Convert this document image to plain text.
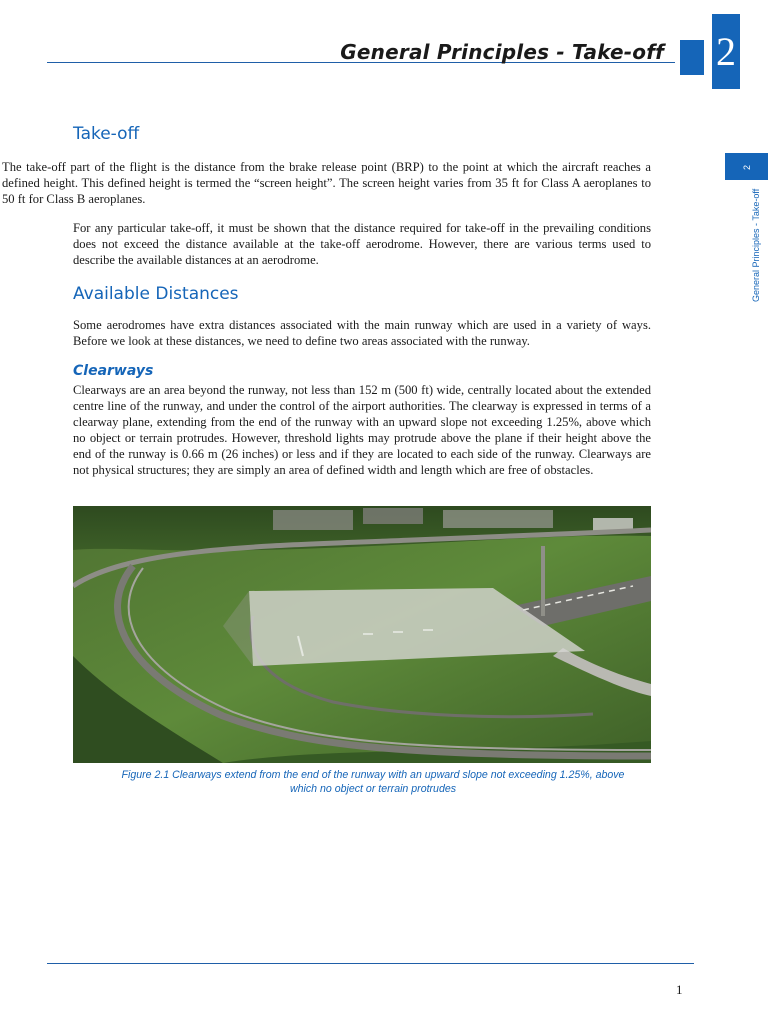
General Principles - Take-off 2
2
General Principles - Take-off
Take-off

The take-off part of the flight is the distance from the brake release point (BRP) to the point at which the aircraft reaches a defined height. This defined height is termed the “screen height”. The screen height varies from 35 ft for Class A aeroplanes to 50 ft for Class B aeroplanes.

For any particular take-off, it must be shown that the distance required for take-off in the prevailing conditions does not exceed the distance available at the take-off aerodrome. However, there are various terms used to describe the available distances at an aerodrome.

Available Distances

Some aerodromes have extra distances associated with the main runway which are used in a variety of ways. Before we look at these distances, we need to define two areas associated with the runway.

Clearways

Clearways are an area beyond the runway, not less than 152 m (500 ft) wide, centrally located about the extended centre line of the runway, and under the control of the airport authorities. The clearway is expressed in terms of a clearway plane, extending from the end of the runway with an upward slope not exceeding 1.25%, above which no object or terrain protrudes. However, threshold lights may protrude above the plane if their height above the end of the runway is 0.66 m (26 inches) or less and if they are located to each side of the runway. Clearways are not physical structures; they are simply an area of defined width and length which are free of obstacles.

Figure 2.1 Clearways extend from the end of the runway with an upward slope not exceeding 1.25%, above
which no object or terrain protrudes
1
